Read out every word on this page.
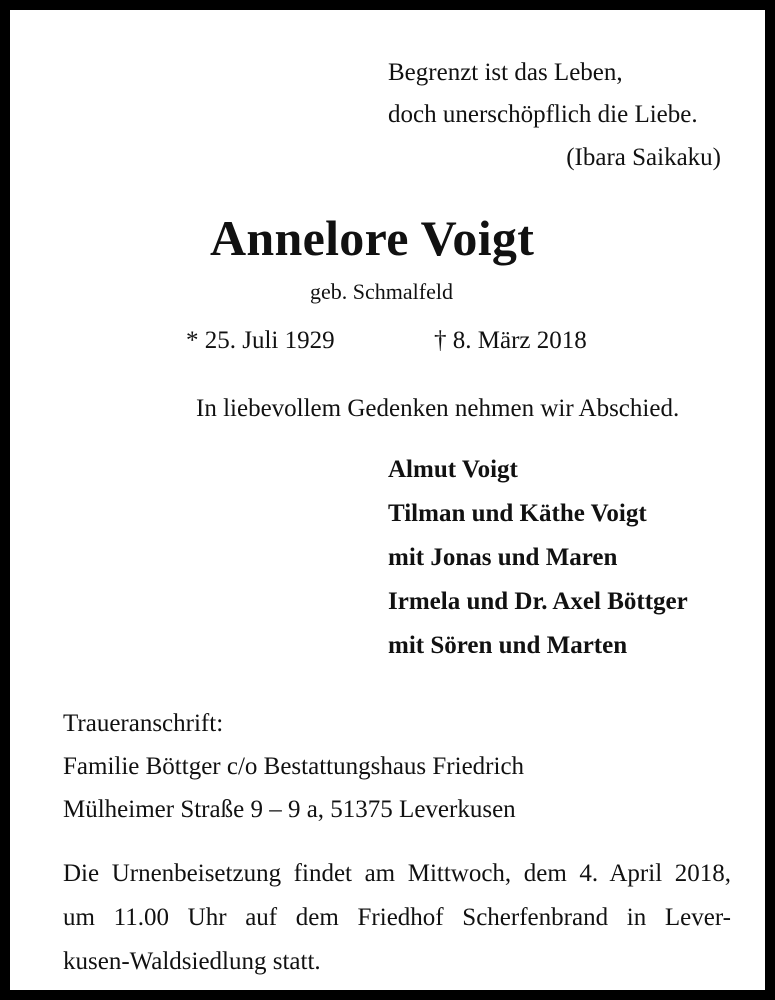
Begrenzt ist das Leben,
doch unerschöpflich die Liebe.
(Ibara Saikaku)
Annelore Voigt
geb. Schmalfeld
* 25. Juli 1929	† 8. März 2018
In liebevollem Gedenken nehmen wir Abschied.
Almut Voigt
Tilman und Käthe Voigt
mit Jonas und Maren
Irmela und Dr. Axel Böttger
mit Sören und Marten
Traueranschrift:
Familie Böttger c/o Bestattungshaus Friedrich
Mülheimer Straße 9 – 9 a, 51375 Leverkusen
Die Urnenbeisetzung findet am Mittwoch, dem 4. April 2018,
um 11.00 Uhr auf dem Friedhof Scherfenbrand in Lever-
kusen-Waldsiedlung statt.
